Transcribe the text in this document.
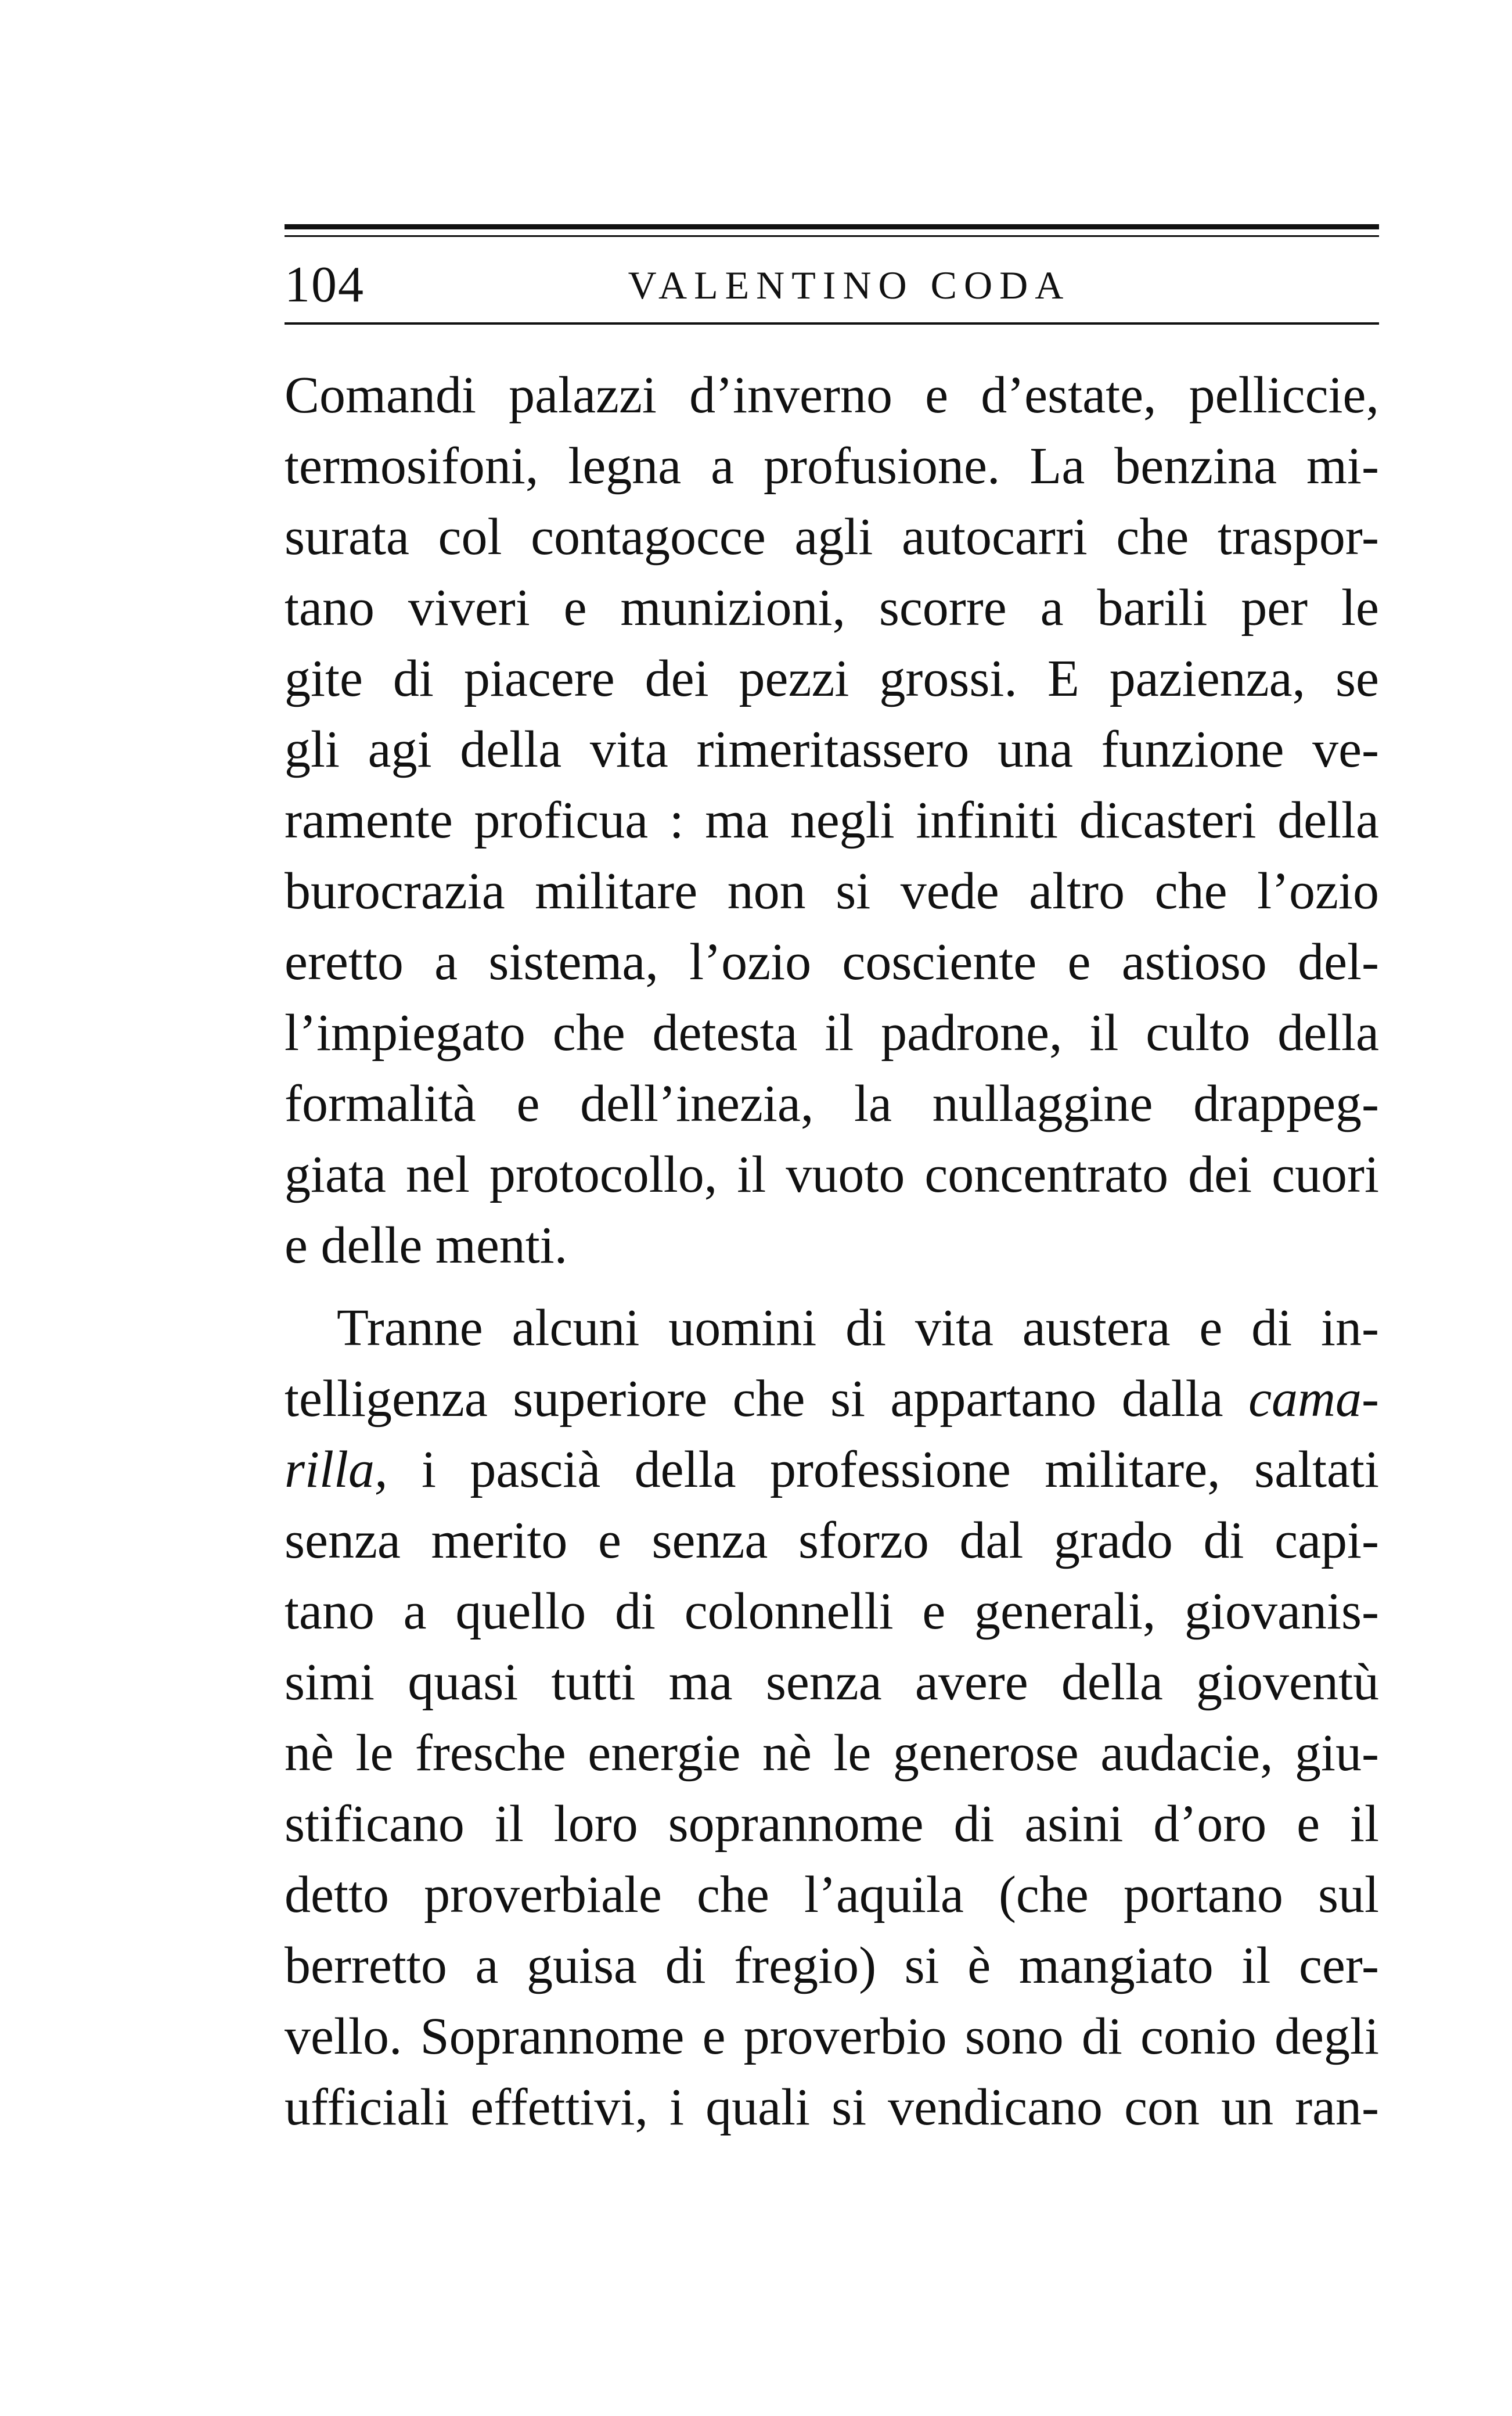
104	VALENTINO CODA
Comandi palazzi d’inverno e d’estate, pelliccie,
termosifoni, legna a profusione. La benzina mi-
surata col contagocce agli autocarri che traspor-
tano viveri e munizioni, scorre a barili per le
gite di piacere dei pezzi grossi. E pazienza, se
gli agi della vita rimeritassero una funzione ve-
ramente proficua : ma negli infiniti dicasteri della
burocrazia militare non si vede altro che l’ozio
eretto a sistema, l’ozio cosciente e astioso del-
l’impiegato che detesta il padrone, il culto della
formalità e dell’inezia, la nullaggine drappeg-
giata nel protocollo, il vuoto concentrato dei cuori
e delle menti.
Tranne alcuni uomini di vita austera e di in-
telligenza superiore che si appartano dalla cama-
rilla, i pascià della professione militare, saltati
senza merito e senza sforzo dal grado di capi-
tano a quello di colonnelli e generali, giovanis-
simi quasi tutti ma senza avere della gioventù
nè le fresche energie nè le generose audacie, giu-
stificano il loro soprannome di asini d’oro e il
detto proverbiale che l’aquila (che portano sul
berretto a guisa di fregio) si è mangiato il cer-
vello. Soprannome e proverbio sono di conio degli
ufficiali effettivi, i quali si vendicano con un ran-
